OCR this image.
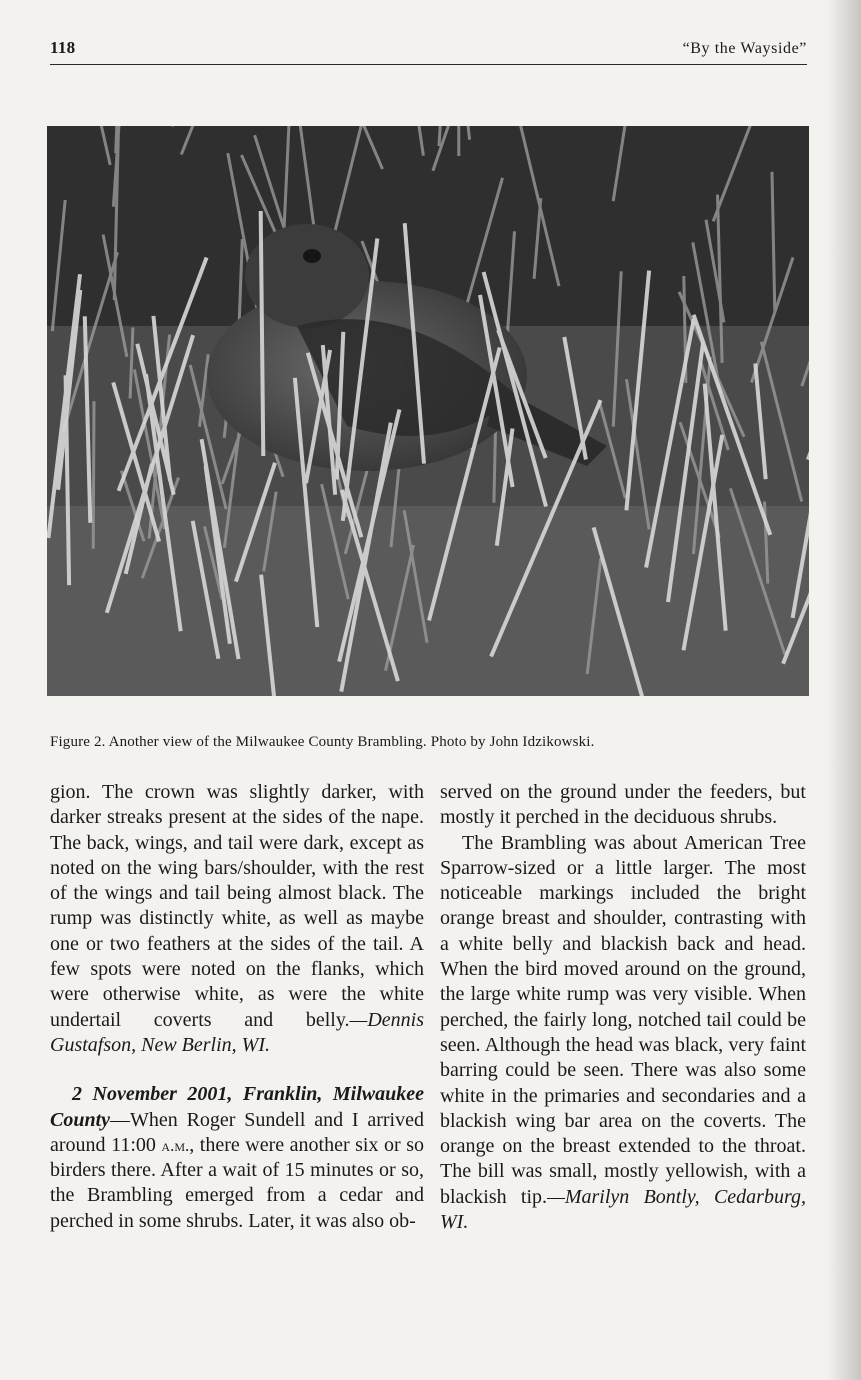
118	“By the Wayside”
Figure 2. Another view of the Milwaukee County Brambling. Photo by John Idzikowski.

gion. The crown was slightly darker, with darker streaks present at the sides of the nape. The back, wings, and tail were dark, except as noted on the wing bars/shoulder, with the rest of the wings and tail being almost black. The rump was distinctly white, as well as maybe one or two feathers at the sides of the tail. A few spots were noted on the flanks, which were otherwise white, as were the white undertail coverts and belly.—Dennis Gustafson, New Berlin, WI.

2 November 2001, Franklin, Milwaukee County—When Roger Sundell and I arrived around 11:00 a.m., there were another six or so birders there. After a wait of 15 minutes or so, the Brambling emerged from a cedar and perched in some shrubs. Later, it was also ob-

served on the ground under the feeders, but mostly it perched in the deciduous shrubs.

The Brambling was about American Tree Sparrow-sized or a little larger. The most noticeable markings included the bright orange breast and shoulder, contrasting with a white belly and blackish back and head. When the bird moved around on the ground, the large white rump was very visible. When perched, the fairly long, notched tail could be seen. Although the head was black, very faint barring could be seen. There was also some white in the primaries and secondaries and a blackish wing bar area on the coverts. The orange on the breast extended to the throat. The bill was small, mostly yellowish, with a blackish tip.—Marilyn Bontly, Cedarburg, WI.
